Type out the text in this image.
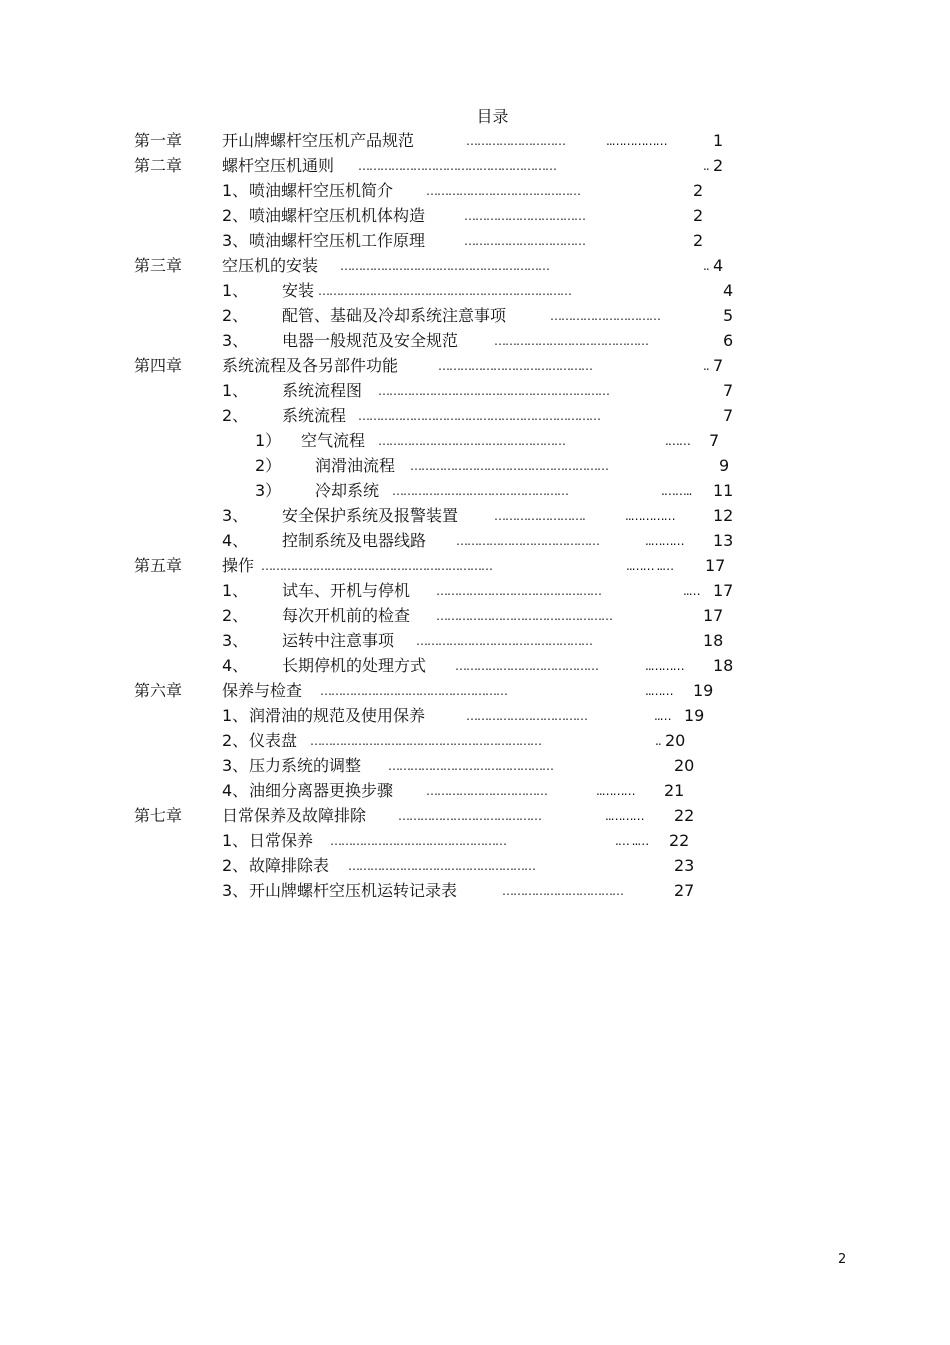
目录
第一章 开山牌螺杆空压机产品规范	………………………	..……………	1
第二章 螺杆空压机通则 ………………………………………………	.. 2
1、 喷油螺杆空压机简介	……………………………………	2
2、 喷油螺杆空压机机体构造	……………………………	2
3、 喷油螺杆空压机工作原理	……………………………	2
第三章 空压机的安装 …………………………………………………	.. 4
1、 安装 ……………………………………………………………	4
2、 配管、基础及冷却系统注意事项	…………………………	5
3、 电器一般规范及安全规范	……………………………………	6
第四章 系统流程及各另部件功能	……………………………………	.. 7
1、 系统流程图 ………………………………………………………	7
2、 系统流程 …………………………………………………………	7
1） 空气流程 ……………………………………………	.…… 7
2） 润滑油流程 ………………………………………………	9
3） 冷却系统 …………………………………………	.…….. 11
3、 安全保护系统及报警装置	…………………….	..………… 12
4、 控制系统及电器线路 …………………………………	..……… 13
第五章 操作 ………………………………………………………	..…… ..… 17
1、 试车、开机与停机 ………………………………………	..… 17
2、 每次开机前的检查 …………………………………………	17
3、 运转中注意事项 …………………………………………	18
4、 长期停机的处理方式 …………………………………	..……… 18
第六章 保养与检查 ……………………………………………	..…… 19
1、 润滑油的规范及使用保养	……………………………	..… 19
2、 仪表盘 ………………………………………………………	.. 20
3、 压力系统的调整 ………………………………………	20
4、 油细分离器更换步骤	……………………………	..……… 21
第七章 日常保养及故障排除	…………………………………	..……… 22
1、 日常保养 …………………………………………	.… ..… 22
2、 故障排除表 ……………………………………………	23
3、 开山牌螺杆空压机运转记录表	……………………………	27
2
